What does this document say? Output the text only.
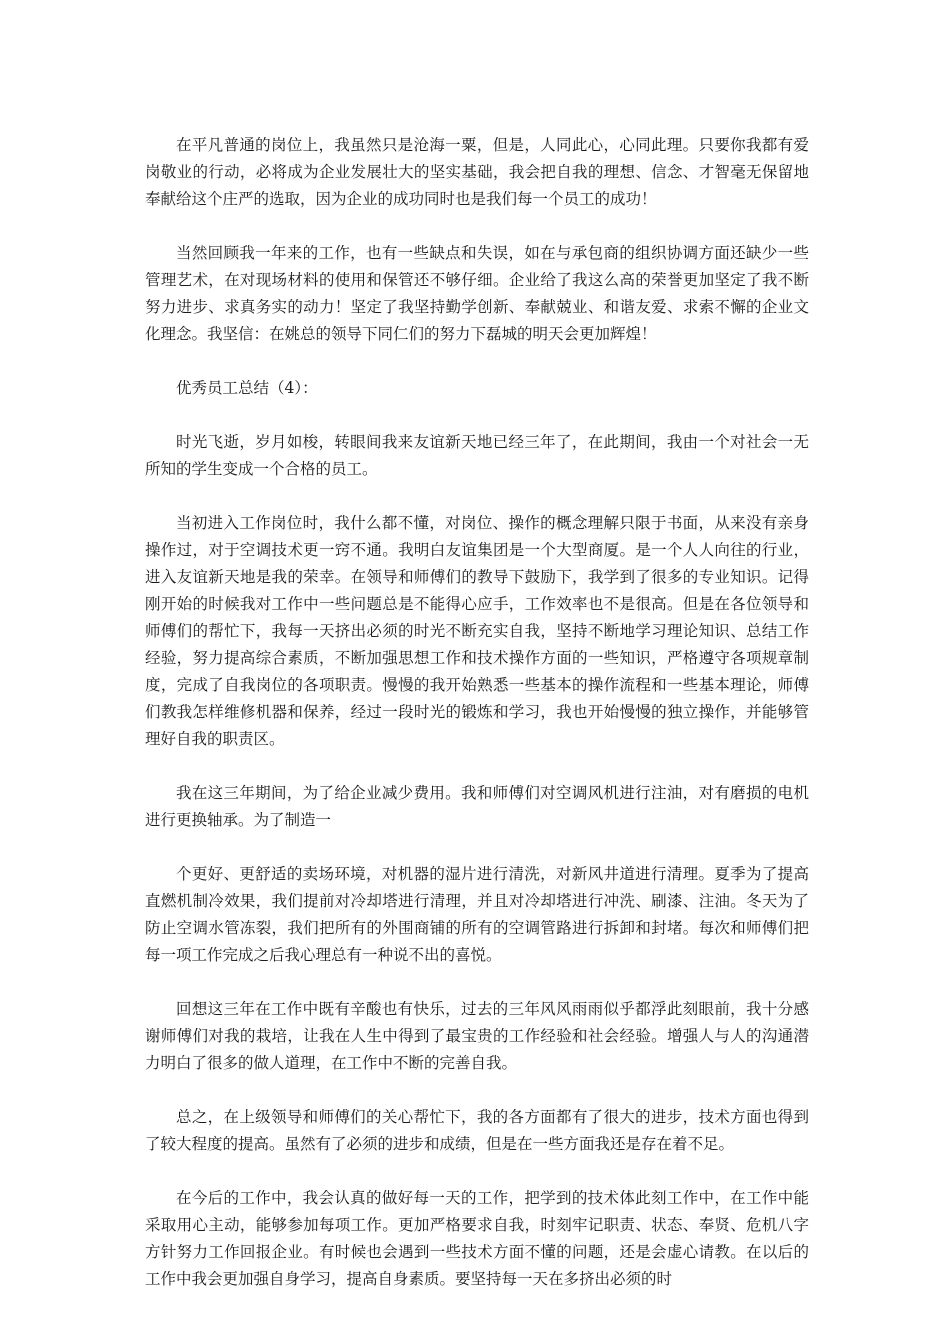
在平凡普通的岗位上，我虽然只是沧海一粟，但是，人同此心，心同此理。只要你我都有爱岗敬业的行动，必将成为企业发展壮大的坚实基础，我会把自我的理想、信念、才智毫无保留地奉献给这个庄严的选取，因为企业的成功同时也是我们每一个员工的成功！

当然回顾我一年来的工作，也有一些缺点和失误，如在与承包商的组织协调方面还缺少一些管理艺术，在对现场材料的使用和保管还不够仔细。企业给了我这么高的荣誉更加坚定了我不断努力进步、求真务实的动力！坚定了我坚持勤学创新、奉献兢业、和谐友爱、求索不懈的企业文化理念。我坚信：在姚总的领导下同仁们的努力下磊城的明天会更加辉煌！

优秀员工总结（4）：

时光飞逝，岁月如梭，转眼间我来友谊新天地已经三年了，在此期间，我由一个对社会一无所知的学生变成一个合格的员工。

当初进入工作岗位时，我什么都不懂，对岗位、操作的概念理解只限于书面，从来没有亲身操作过，对于空调技术更一窍不通。我明白友谊集团是一个大型商厦。是一个人人向往的行业，进入友谊新天地是我的荣幸。在领导和师傅们的教导下鼓励下，我学到了很多的专业知识。记得刚开始的时候我对工作中一些问题总是不能得心应手，工作效率也不是很高。但是在各位领导和师傅们的帮忙下，我每一天挤出必须的时光不断充实自我，坚持不断地学习理论知识、总结工作经验，努力提高综合素质，不断加强思想工作和技术操作方面的一些知识，严格遵守各项规章制度，完成了自我岗位的各项职责。慢慢的我开始熟悉一些基本的操作流程和一些基本理论，师傅们教我怎样维修机器和保养，经过一段时光的锻炼和学习，我也开始慢慢的独立操作，并能够管理好自我的职责区。

我在这三年期间，为了给企业减少费用。我和师傅们对空调风机进行注油，对有磨损的电机进行更换轴承。为了制造一

个更好、更舒适的卖场环境，对机器的湿片进行清洗，对新风井道进行清理。夏季为了提高直燃机制冷效果，我们提前对冷却塔进行清理，并且对冷却塔进行冲洗、刷漆、注油。冬天为了防止空调水管冻裂，我们把所有的外围商铺的所有的空调管路进行拆卸和封堵。每次和师傅们把每一项工作完成之后我心理总有一种说不出的喜悦。

回想这三年在工作中既有辛酸也有快乐，过去的三年风风雨雨似乎都浮此刻眼前，我十分感谢师傅们对我的栽培，让我在人生中得到了最宝贵的工作经验和社会经验。增强人与人的沟通潜力明白了很多的做人道理，在工作中不断的完善自我。

总之，在上级领导和师傅们的关心帮忙下，我的各方面都有了很大的进步，技术方面也得到了较大程度的提高。虽然有了必须的进步和成绩，但是在一些方面我还是存在着不足。

在今后的工作中，我会认真的做好每一天的工作，把学到的技术体此刻工作中，在工作中能采取用心主动，能够参加每项工作。更加严格要求自我，时刻牢记职责、状态、奉贤、危机八字方针努力工作回报企业。有时候也会遇到一些技术方面不懂的问题，还是会虚心请教。在以后的工作中我会更加强自身学习，提高自身素质。要坚持每一天在多挤出必须的时
